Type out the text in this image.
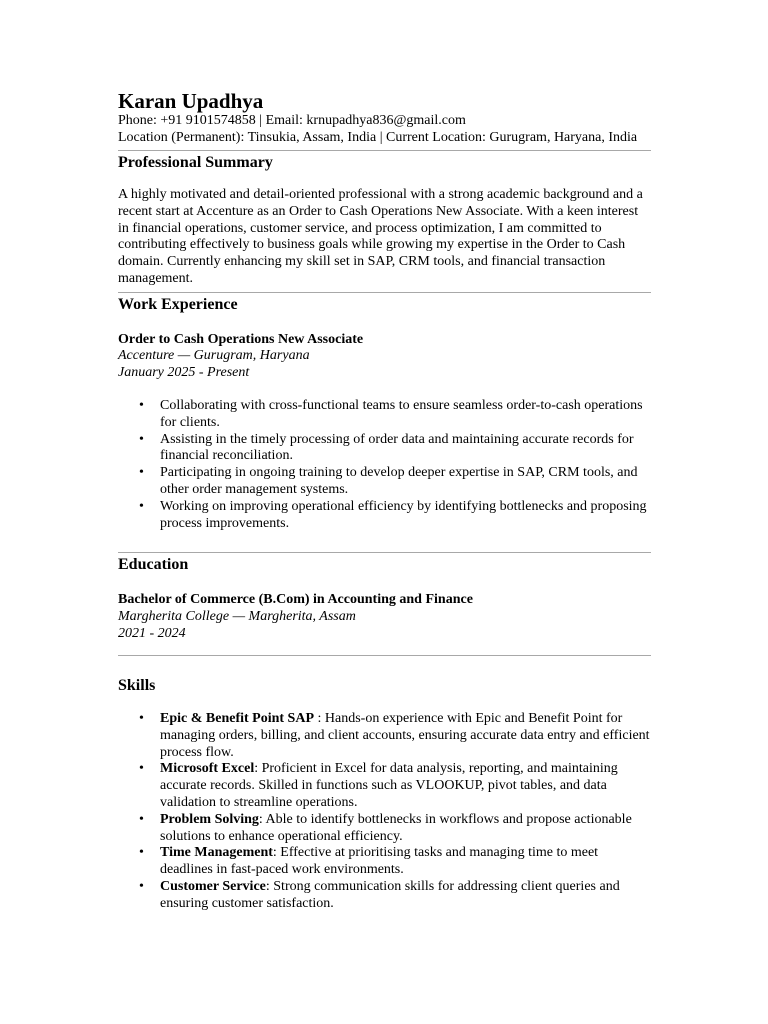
Karan Upadhya
Phone: +91 9101574858 | Email: krnupadhya836@gmail.com
Location (Permanent): Tinsukia, Assam, India | Current Location: Gurugram, Haryana, India
Professional Summary

A highly motivated and detail-oriented professional with a strong academic background and a recent start at Accenture as an Order to Cash Operations New Associate. With a keen interest in financial operations, customer service, and process optimization, I am committed to contributing effectively to business goals while growing my expertise in the Order to Cash domain. Currently enhancing my skill set in SAP, CRM tools, and financial transaction management.

Work Experience
Order to Cash Operations New Associate
Accenture — Gurugram, Haryana
January 2025 - Present
• Collaborating with cross-functional teams to ensure seamless order-to-cash operations for clients.
• Assisting in the timely processing of order data and maintaining accurate records for financial reconciliation.
• Participating in ongoing training to develop deeper expertise in SAP, CRM tools, and other order management systems.
• Working on improving operational efficiency by identifying bottlenecks and proposing process improvements.
Education
Bachelor of Commerce (B.Com) in Accounting and Finance
Margherita College — Margherita, Assam
2021 - 2024
Skills
• Epic & Benefit Point SAP : Hands-on experience with Epic and Benefit Point for managing orders, billing, and client accounts, ensuring accurate data entry and efficient process flow.
• Microsoft Excel: Proficient in Excel for data analysis, reporting, and maintaining accurate records. Skilled in functions such as VLOOKUP, pivot tables, and data validation to streamline operations.
• Problem Solving: Able to identify bottlenecks in workflows and propose actionable solutions to enhance operational efficiency.
• Time Management: Effective at prioritising tasks and managing time to meet deadlines in fast-paced work environments.
• Customer Service: Strong communication skills for addressing client queries and ensuring customer satisfaction.
